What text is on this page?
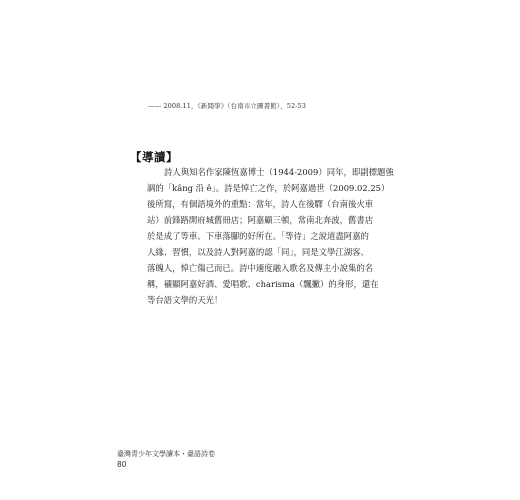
—— 2008.11，《新聞學》（台南市立圖書館），52-53
【導讀】
詩人與知名作家陳恆嘉博士（1944-2009）同年，即副標題強
調的「kâng 沿 ê」。詩是悼亡之作，於阿嘉過世（2009.02.25）
後所寫，有個語境外的重點：當年，詩人在後驛（台南後火車
站）前鋒路開府城舊冊店；阿嘉顧三頓，常南北奔波，舊書店
於是成了等車、下車落腳的好所在。「等待」之說道盡阿嘉的
人緣、習慣，以及詩人對阿嘉的認「同」，同是文學江湖客、
落魄人，悼亡傷己而已。詩中適度融入歌名及傳主小說集的名
稱，襯顯阿嘉好酒、愛唱歌、charisma（飄撇）的身形，還在
等台語文學的天光！
臺灣青少年文學讀本・臺語詩卷
80
